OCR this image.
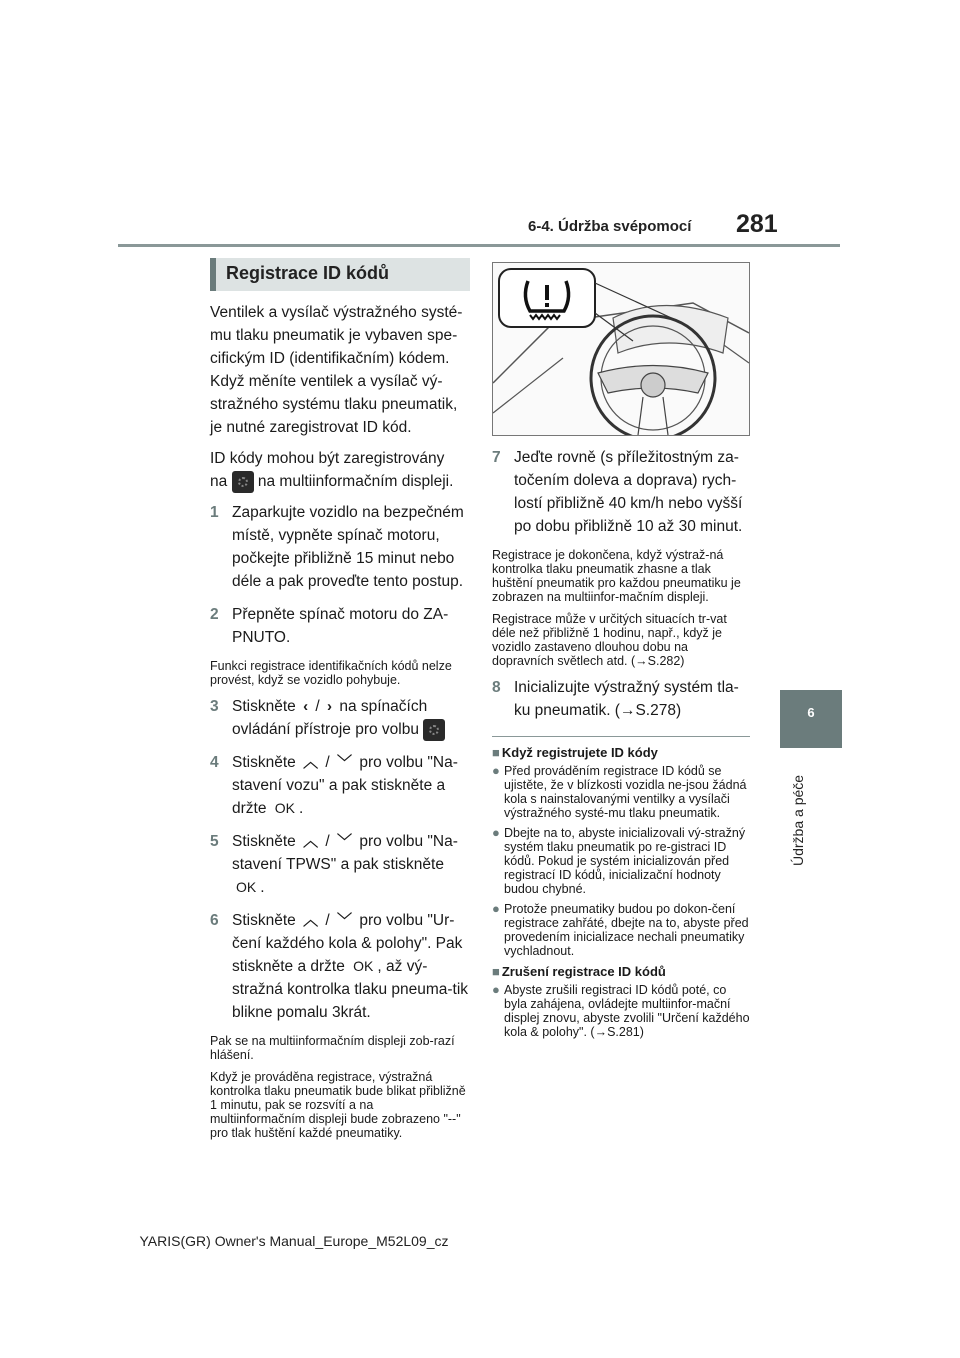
6-4. Údržba svépomocí 281
6
Údržba a péče
Registrace ID kódů

Ventilek a vysílač výstražného systé-mu tlaku pneumatik je vybaven spe-cifickým ID (identifikačním) kódem. Když měníte ventilek a vysílač vý-stražného systému tlaku pneumatik, je nutné zaregistrovat ID kód.

ID kódy mohou být zaregistrovány
na na multiinformačním displeji.

1 Zaparkujte vozidlo na bezpečném místě, vypněte spínač motoru, počkejte přibližně 15 minut nebo déle a pak proveďte tento postup.
2 Přepněte spínač motoru do ZA-PNUTO.

Funkci registrace identifikačních kódů nelze provést, když se vozidlo pohybuje.

3 Stiskněte ‹ / › na spínačích ovládání přístroje pro volbu
4 Stiskněte ︿ / ﹀ pro volbu "Na-stavení vozu" a pak stiskněte a držte OK .
5 Stiskněte ︿ / ﹀ pro volbu "Na-stavení TPWS" a pak stiskněte OK .
6 Stiskněte ︿ / ﹀ pro volbu "Ur-čení každého kola & polohy". Pak stiskněte a držte OK , až vý-stražná kontrolka tlaku pneuma-tik blikne pomalu 3krát.

Pak se na multiinformačním displeji zob-razí hlášení.

Když je prováděna registrace, výstražná kontrolka tlaku pneumatik bude blikat přibližně 1 minutu, pak se rozsvítí a na multiinformačním displeji bude zobrazeno "--" pro tlak huštění každé pneumatiky.

7 Jeďte rovně (s příležitostným za-točením doleva a doprava) rych-lostí přibližně 40 km/h nebo vyšší po dobu přibližně 10 až 30 minut.

Registrace je dokončena, když výstraž-ná kontrolka tlaku pneumatik zhasne a tlak huštění pneumatik pro každou pneumatiku je zobrazen na multiinfor-mačním displeji.

Registrace může v určitých situacích tr-vat déle než přibližně 1 hodinu, např., když je vozidlo zastaveno dlouhou dobu na dopravních světlech atd. (→S.282)

8 Inicializujte výstražný systém tla-ku pneumatik. (→S.278)
■ Když registrujete ID kódy
● Před prováděním registrace ID kódů se ujistěte, že v blízkosti vozidla ne-jsou žádná kola s nainstalovanými ventilky a vysílači výstražného systé-mu tlaku pneumatik.
● Dbejte na to, abyste inicializovali vý-stražný systém tlaku pneumatik po re-gistraci ID kódů. Pokud je systém inicializován před registrací ID kódů, inicializační hodnoty budou chybné.
● Protože pneumatiky budou po dokon-čení registrace zahřáté, dbejte na to, abyste před provedením inicializace nechali pneumatiky vychladnout.
■ Zrušení registrace ID kódů
● Abyste zrušili registraci ID kódů poté, co byla zahájena, ovládejte multiinfor-mační displej znovu, abyste zvolili "Určení každého kola & polohy". (→S.281)
YARIS(GR) Owner's Manual_Europe_M52L09_cz
